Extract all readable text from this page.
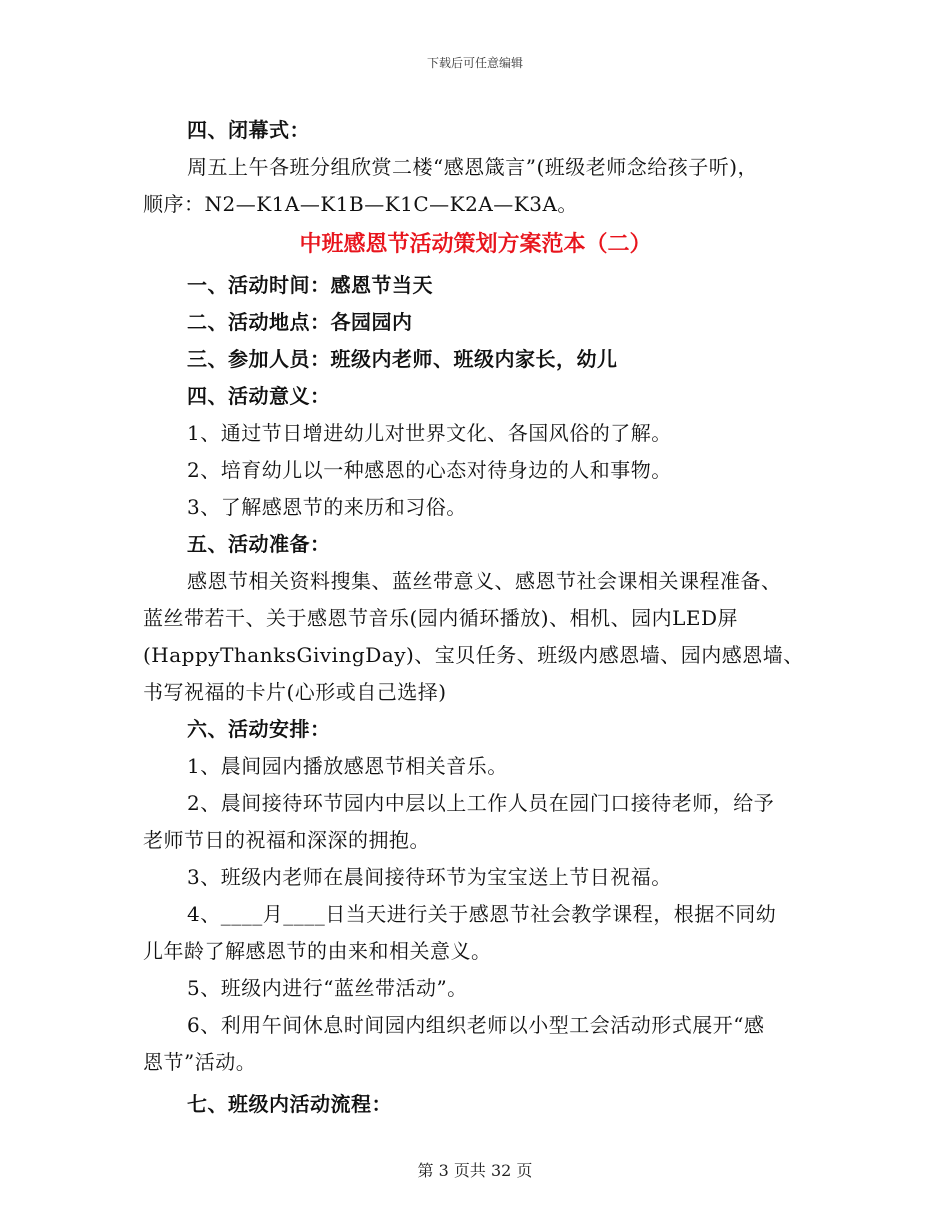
下载后可任意编辑
四、闭幕式：
周五上午各班分组欣赏二楼“感恩箴言”(班级老师念给孩子听)，
顺序：N2—K1A—K1B—K1C—K2A—K3A。
中班感恩节活动策划方案范本（二）
一、活动时间：感恩节当天
二、活动地点：各园园内
三、参加人员：班级内老师、班级内家长，幼儿
四、活动意义：
1、通过节日增进幼儿对世界文化、各国风俗的了解。
2、培育幼儿以一种感恩的心态对待身边的人和事物。
3、了解感恩节的来历和习俗。
五、活动准备：
感恩节相关资料搜集、蓝丝带意义、感恩节社会课相关课程准备、
蓝丝带若干、关于感恩节音乐(园内循环播放)、相机、园内LED屏
(HappyThanksGivingDay)、宝贝任务、班级内感恩墙、园内感恩墙、
书写祝福的卡片(心形或自己选择)
六、活动安排：
1、晨间园内播放感恩节相关音乐。
2、晨间接待环节园内中层以上工作人员在园门口接待老师，给予
老师节日的祝福和深深的拥抱。
3、班级内老师在晨间接待环节为宝宝送上节日祝福。
4、____月____日当天进行关于感恩节社会教学课程，根据不同幼
儿年龄了解感恩节的由来和相关意义。
5、班级内进行“蓝丝带活动”。
6、利用午间休息时间园内组织老师以小型工会活动形式展开“感
恩节”活动。
七、班级内活动流程：
第 3 页共 32 页
